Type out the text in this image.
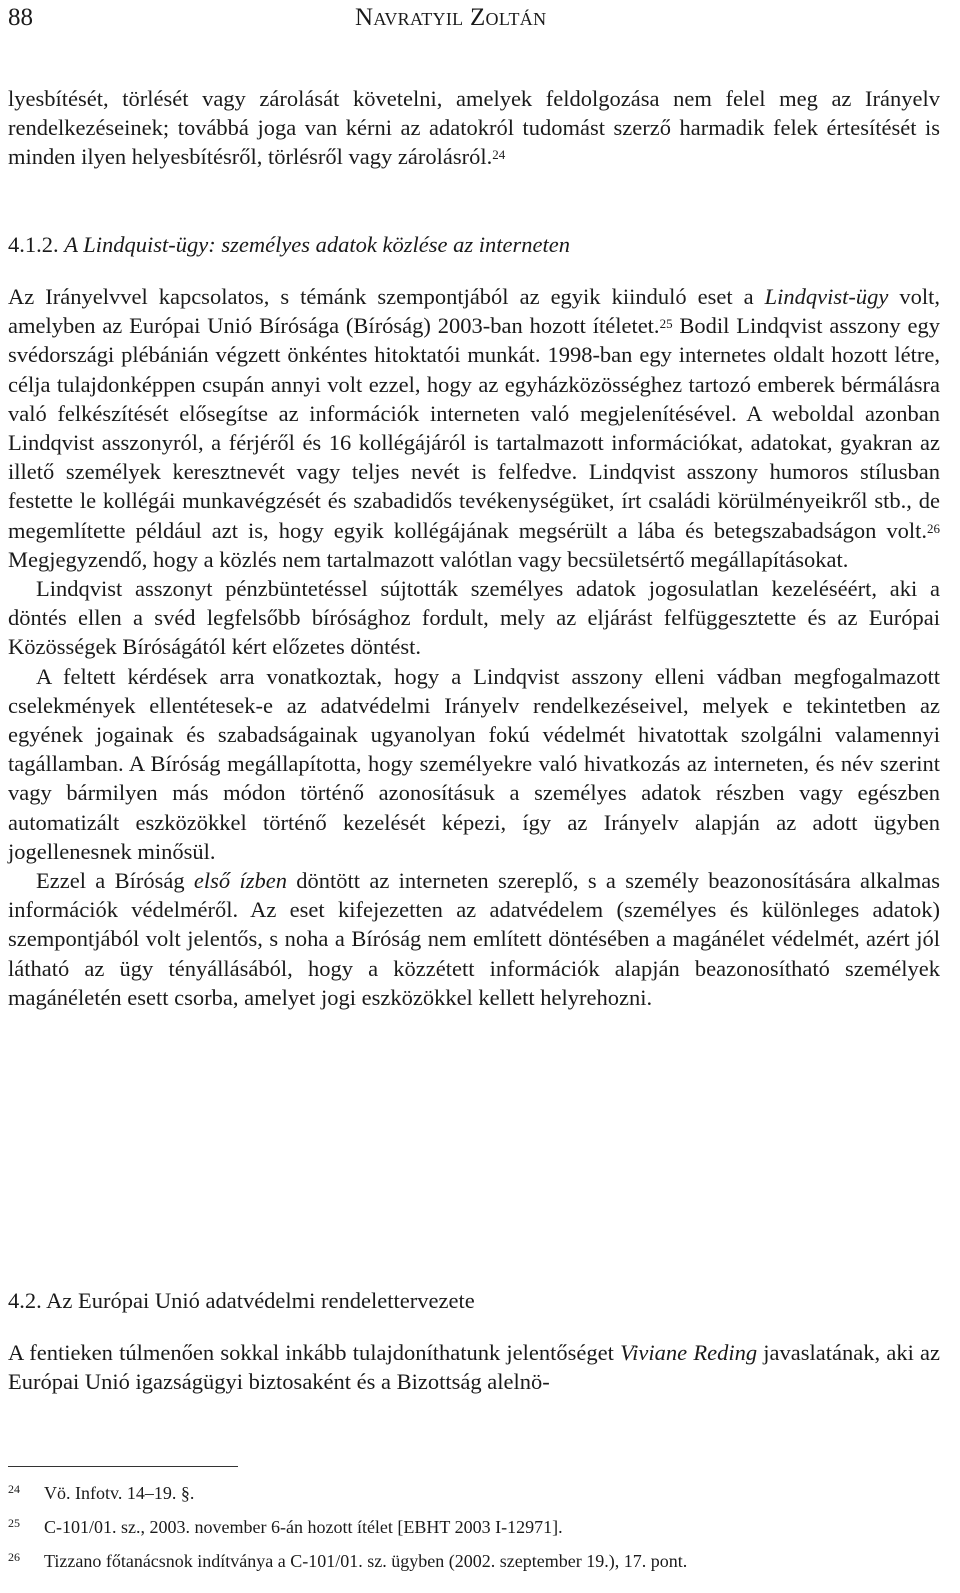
88	Navratyil Zoltán

lyesbítését, törlését vagy zárolását követelni, amelyek feldolgozása nem felel meg az Irányelv rendelkezéseinek; továbbá joga van kérni az adatokról tudomást szerző harmadik felek értesítését is minden ilyen helyesbítésről, törlésről vagy zárolásról.$^{24}$

4.1.2. A Lindquist-ügy: személyes adatok közlése az interneten

Az Irányelvvel kapcsolatos, s témánk szempontjából az egyik kiinduló eset a Lindqvist-ügy volt, amelyben az Európai Unió Bírósága (Bíróság) 2003-ban hozott ítéletet.$^{25}$ Bodil Lindqvist asszony egy svédországi plébánián végzett önkéntes hitoktatói munkát. 1998-ban egy internetes oldalt hozott létre, célja tulajdonképpen csupán annyi volt ezzel, hogy az egyházközösséghez tartozó emberek bérmálásra való felkészítését elősegítse az információk interneten való megjelenítésével. A weboldal azonban Lindqvist asszonyról, a férjéről és 16 kollégájáról is tartalmazott információkat, adatokat, gyakran az illető személyek keresztnevét vagy teljes nevét is felfedve. Lindqvist asszony humoros stílusban festette le kollégái munkavégzését és szabadidős tevékenységüket, írt családi körülményeikről stb., de megemlítette például azt is, hogy egyik kollégájának megsérült a lába és betegszabadságon volt.$^{26}$ Megjegyzendő, hogy a közlés nem tartalmazott valótlan vagy becsületsértő megállapításokat.

Lindqvist asszonyt pénzbüntetéssel sújtották személyes adatok jogosulatlan kezeléséért, aki a döntés ellen a svéd legfelsőbb bírósághoz fordult, mely az eljárást felfüggesztette és az Európai Közösségek Bíróságától kért előzetes döntést.

A feltett kérdések arra vonatkoztak, hogy a Lindqvist asszony elleni vádban megfogalmazott cselekmények ellentétesek-e az adatvédelmi Irányelv rendelkezéseivel, melyek e tekintetben az egyének jogainak és szabadságainak ugyanolyan fokú védelmét hivatottak szolgálni valamennyi tagállamban. A Bíróság megállapította, hogy személyekre való hivatkozás az interneten, és név szerint vagy bármilyen más módon történő azonosításuk a személyes adatok részben vagy egészben automatizált eszközökkel történő kezelését képezi, így az Irányelv alapján az adott ügyben jogellenesnek minősül.

Ezzel a Bíróság első ízben döntött az interneten szereplő, s a személy beazonosítására alkalmas információk védelméről. Az eset kifejezetten az adatvédelem (személyes és különleges adatok) szempontjából volt jelentős, s noha a Bíróság nem említett döntésében a magánélet védelmét, azért jól látható az ügy tényállásából, hogy a közzétett információk alapján beazonosítható személyek magánéletén esett csorba, amelyet jogi eszközökkel kellett helyrehozni.

4.2. Az Európai Unió adatvédelmi rendelettervezete

A fentieken túlmenően sokkal inkább tulajdoníthatunk jelentőséget Viviane Reding javaslatának, aki az Európai Unió igazságügyi biztosaként és a Bizottság alelnö-

24 Vö. Infotv. 14–19. §.
25 C-101/01. sz., 2003. november 6-án hozott ítélet [EBHT 2003 I-12971].
26 Tizzano főtanácsnok indítványa a C-101/01. sz. ügyben (2002. szeptember 19.), 17. pont.
